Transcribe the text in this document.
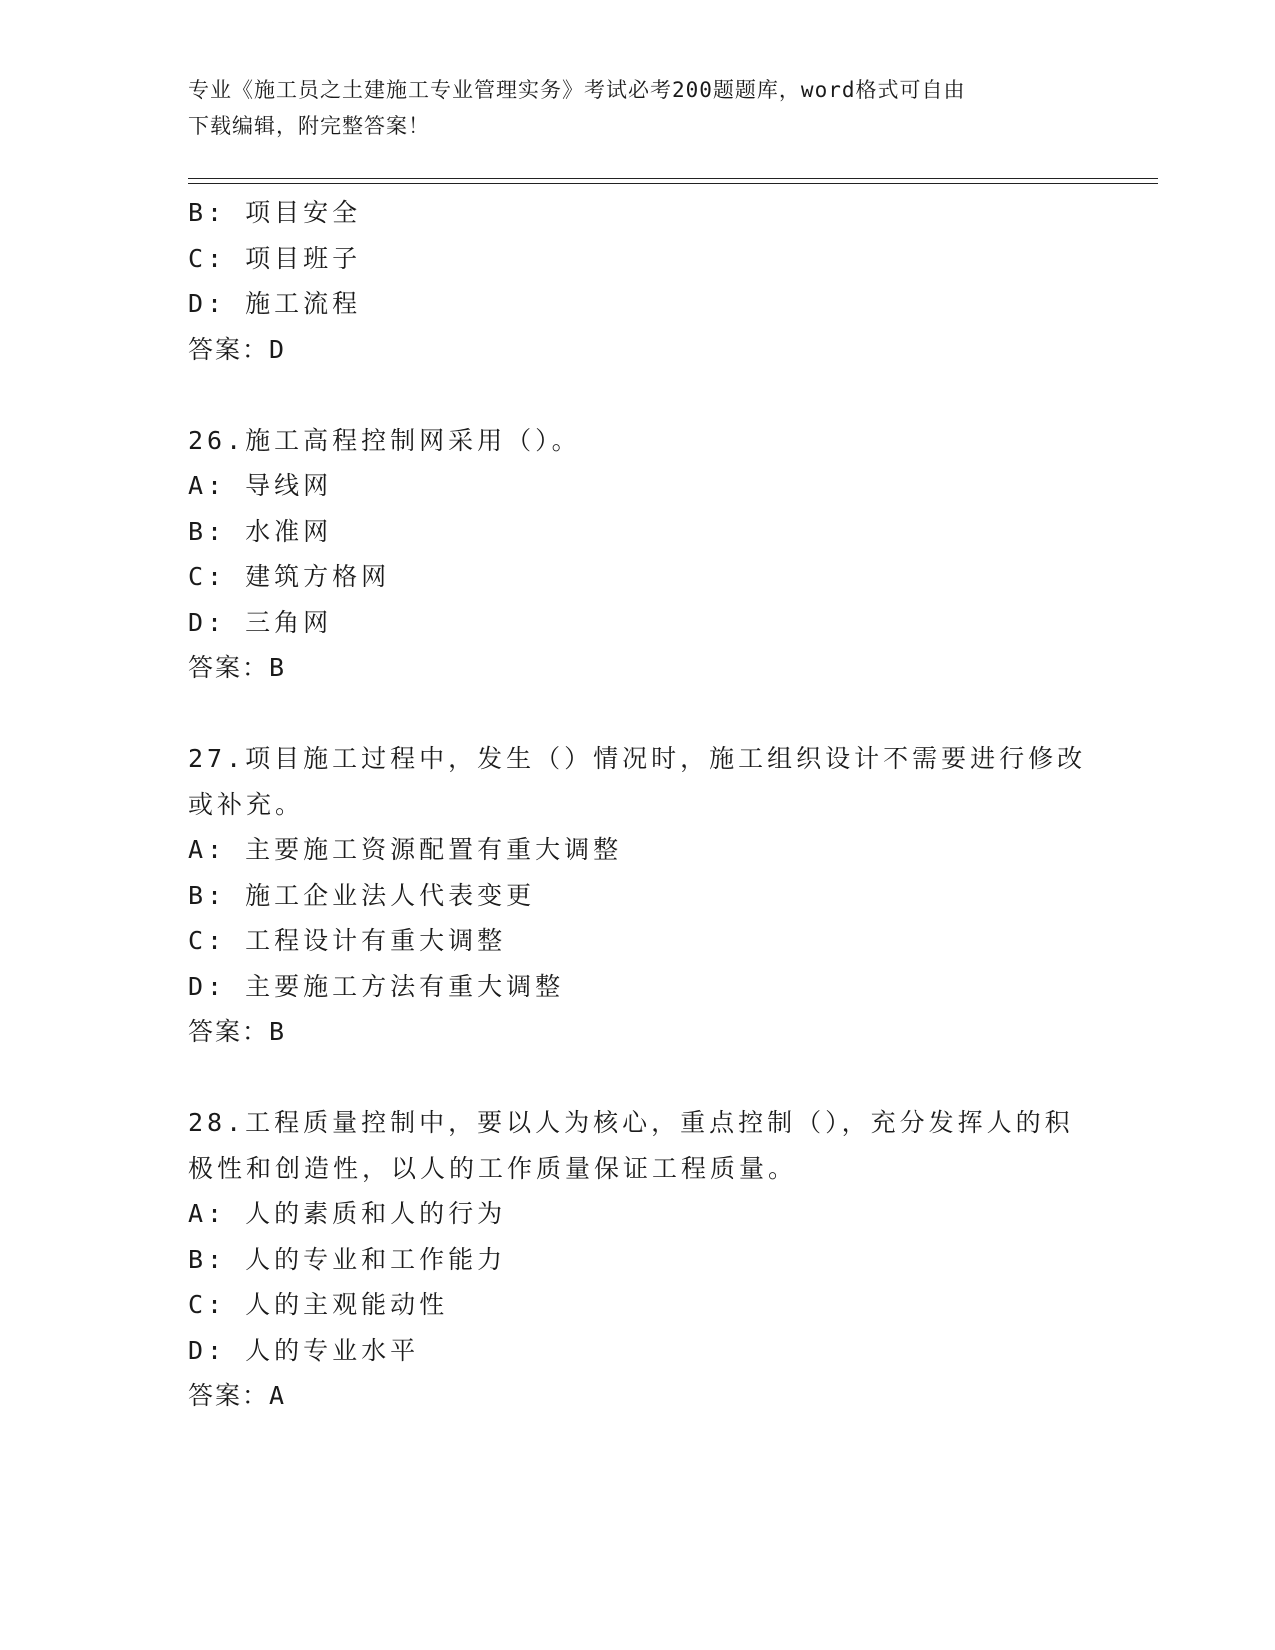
专业《施工员之土建施工专业管理实务》考试必考200题题库，word格式可自由
下载编辑，附完整答案！
B: 项目安全
C: 项目班子
D: 施工流程
答案：D
26.施工高程控制网采用（）。
A: 导线网
B: 水准网
C: 建筑方格网
D: 三角网
答案：B
27.项目施工过程中，发生（）情况时，施工组织设计不需要进行修改
或补充。
A: 主要施工资源配置有重大调整
B: 施工企业法人代表变更
C: 工程设计有重大调整
D: 主要施工方法有重大调整
答案：B
28.工程质量控制中，要以人为核心，重点控制（），充分发挥人的积
极性和创造性，以人的工作质量保证工程质量。
A: 人的素质和人的行为
B: 人的专业和工作能力
C: 人的主观能动性
D: 人的专业水平
答案：A
